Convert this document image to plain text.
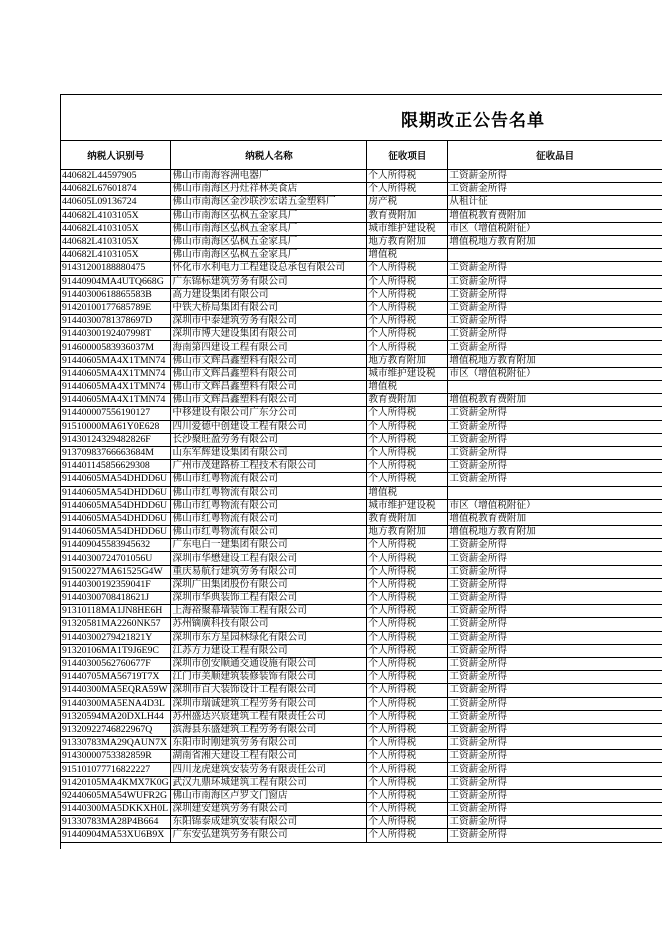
限期改正公告名单
纳税人识别号	纳税人名称	征收项目	征收品目
440682L44597905	佛山市南海容洲电器厂	个人所得税	工资薪金所得
440682L67601874	佛山市南海区丹灶祥林美食店	个人所得税	工资薪金所得
440605L09136724	佛山市南海区金沙联沙宏诺五金塑料厂	房产税	从租计征
440682L4103105X	佛山市南海区弘枫五金家具厂	教育费附加	增值税教育费附加
440682L4103105X	佛山市南海区弘枫五金家具厂	城市维护建设税	市区（增值税附征）
440682L4103105X	佛山市南海区弘枫五金家具厂	地方教育附加	增值税地方教育附加
440682L4103105X	佛山市南海区弘枫五金家具厂	增值税	
91431200188880475	怀化市水利电力工程建设总承包有限公司	个人所得税	工资薪金所得
91440904MA4UTQ668G	广东锦标建筑劳务有限公司	个人所得税	工资薪金所得
91440300618865583B	高力建设集团有限公司	个人所得税	工资薪金所得
91420100177685789E	中铁大桥局集团有限公司	个人所得税	工资薪金所得
91440300781378697D	深圳市中泰建筑劳务有限公司	个人所得税	工资薪金所得
91440300192407998T	深圳市博大建设集团有限公司	个人所得税	工资薪金所得
91460000583936037M	海南第四建设工程有限公司	个人所得税	工资薪金所得
91440605MA4X1TMN74	佛山市文辉昌鑫塑料有限公司	地方教育附加	增值税地方教育附加
91440605MA4X1TMN74	佛山市文辉昌鑫塑料有限公司	城市维护建设税	市区（增值税附征）
91440605MA4X1TMN74	佛山市文辉昌鑫塑料有限公司	增值税	
91440605MA4X1TMN74	佛山市文辉昌鑫塑料有限公司	教育费附加	增值税教育费附加
91440000755619012​7	中移建设有限公司广东分公司	个人所得税	工资薪金所得
91510000MA61Y0E628	四川爱德中创建设工程有限公司	个人所得税	工资薪金所得
91430124329482826F	长沙聚旺盈劳务有限公司	个人所得税	工资薪金所得
91370983766663684M	山东军辉建设集团有限公司	个人所得税	工资薪金所得
91440114585662930​8	广州市茂建路桥工程技术有限公司	个人所得税	工资薪金所得
91440605MA54DHDD6U	佛山市红粤物流有限公司	个人所得税	工资薪金所得
91440605MA54DHDD6U	佛山市红粤物流有限公司	增值税	
91440605MA54DHDD6U	佛山市红粤物流有限公司	城市维护建设税	市区（增值税附征）
91440605MA54DHDD6U	佛山市红粤物流有限公司	教育费附加	增值税教育费附加
91440605MA54DHDD6U	佛山市红粤物流有限公司	地方教育附加	增值税地方教育附加
91440904558394563​2	广东电白一建集团有限公司	个人所得税	工资薪金所得
91440300724701056U	深圳市华懋建设工程有限公司	个人所得税	工资薪金所得
91500227MA61525G4W	重庆易航行建筑劳务有限公司	个人所得税	工资薪金所得
91440300192359041F	深圳广田集团股份有限公司	个人所得税	工资薪金所得
91440300708418621J	深圳市华典装饰工程有限公司	个人所得税	工资薪金所得
91310118MA1JN8HE6H	上海裕聚幕墙装饰工程有限公司	个人所得税	工资薪金所得
91320581MA2260NK57	苏州镝廣科技有限公司	个人所得税	工资薪金所得
91440300279421821Y	深圳市东方星园林绿化有限公司	个人所得税	工资薪金所得
91320106MA1T9J6E9C	江苏方力建设工程有限公司	个人所得税	工资薪金所得
91440300562760677F	深圳市创安顺通交通设施有限公司	个人所得税	工资薪金所得
91440705MA56719T7X	江门市美顺建筑装修装饰有限公司	个人所得税	工资薪金所得
91440300MA5EQRA59W	深圳市百大装饰设计工程有限公司	个人所得税	工资薪金所得
91440300MA5ENA4D3L	深圳市瑞诚建筑工程劳务有限公司	个人所得税	工资薪金所得
91320594MA20DXLH44	苏州盛达兴宸建筑工程有限责任公司	个人所得税	工资薪金所得
91320922746822967Q	滨海县东盛建筑工程劳务有限公司	个人所得税	工资薪金所得
91330783MA29QAUN7X	东阳市时刚建筑劳务有限公司	个人所得税	工资薪金所得
91430000753382859R	湖南省湘天建设工程有限公司	个人所得税	工资薪金所得
91510107771682222​7	四川龙虎建筑安装劳务有限责任公司	个人所得税	工资薪金所得
91420105MA4KMX7K0G	武汉九鼎环城建筑工程有限公司	个人所得税	工资薪金所得
92440605MA54WUFR2G	佛山市南海区卢罗文门窗店	个人所得税	工资薪金所得
91440300MA5DKKXH0L	深圳建安建筑劳务有限公司	个人所得税	工资薪金所得
91330783MA28P4B664	东阳锦泰成建筑安装有限公司	个人所得税	工资薪金所得
91440904MA53XU6B9X	广东安弘建筑劳务有限公司	个人所得税	工资薪金所得
